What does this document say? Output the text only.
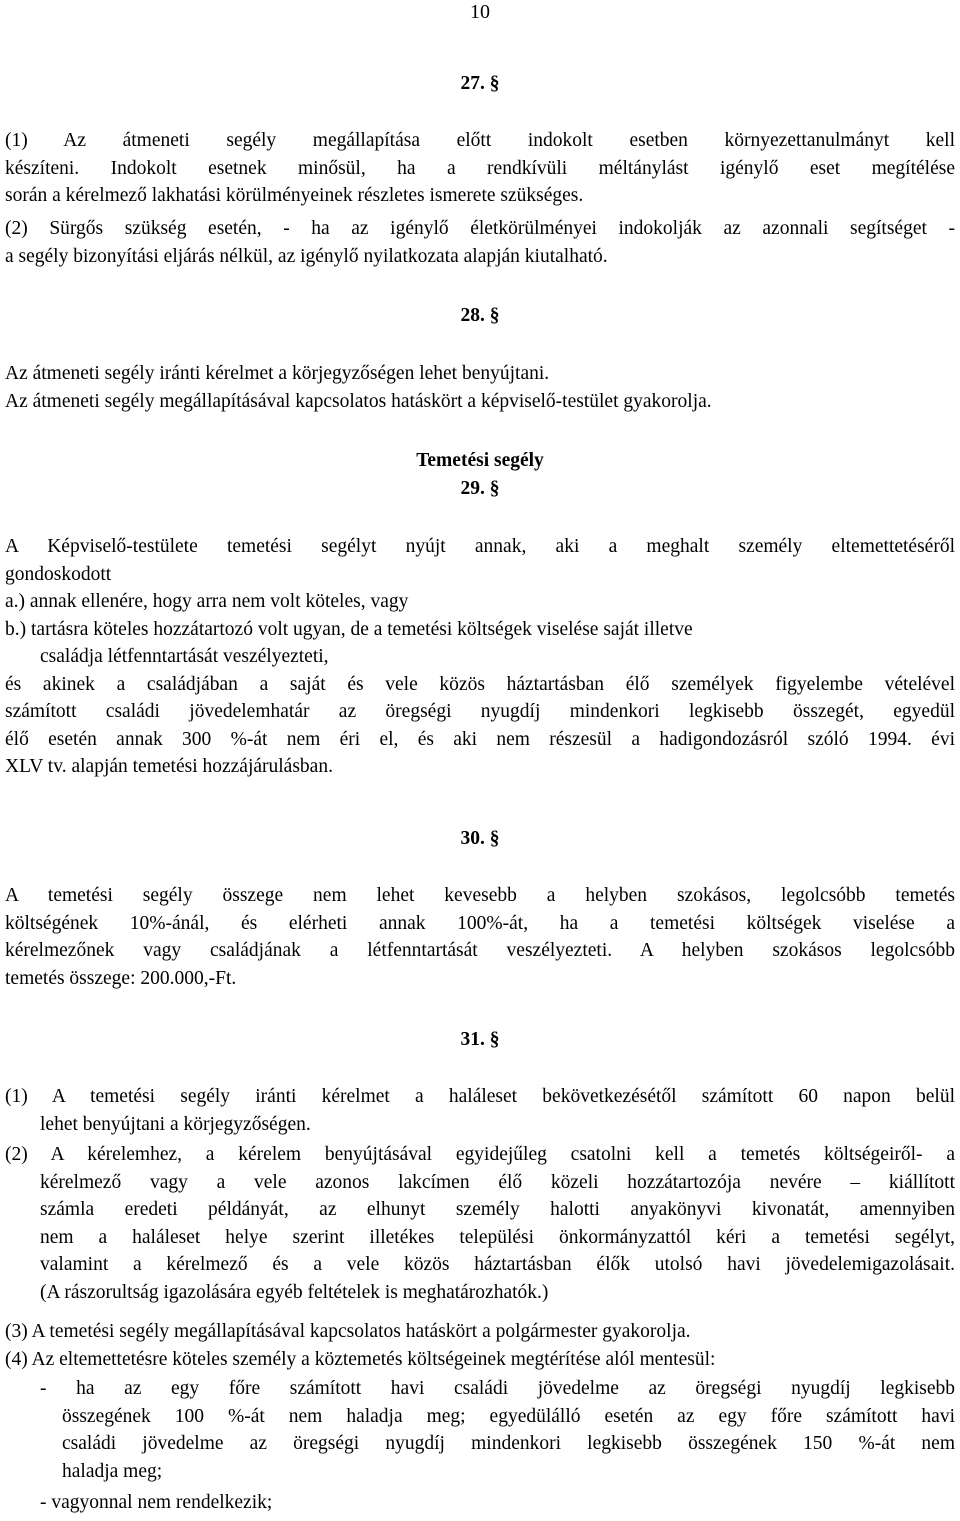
10
27. §
(1) Az átmeneti segély megállapítása előtt indokolt esetben környezettanulmányt kell
készíteni. Indokolt esetnek minősül, ha a rendkívüli méltánylást igénylő eset megítélése
során a kérelmező lakhatási körülményeinek részletes ismerete szükséges.
(2) Sürgős szükség esetén, - ha az igénylő életkörülményei indokolják az azonnali segítséget -
a segély bizonyítási eljárás nélkül, az igénylő nyilatkozata alapján kiutalható.
28. §
Az átmeneti segély iránti kérelmet a körjegyzőségen lehet benyújtani.
Az átmeneti segély megállapításával kapcsolatos hatáskört a képviselő-testület gyakorolja.
Temetési segély
29. §
A Képviselő-testülete temetési segélyt nyújt annak, aki a meghalt személy eltemettetéséről
gondoskodott
a.) annak ellenére, hogy arra nem volt köteles, vagy
b.) tartásra köteles hozzátartozó volt ugyan, de a temetési költségek viselése saját illetve
családja létfenntartását veszélyezteti,
és akinek a családjában a saját és vele közös háztartásban élő személyek figyelembe vételével
számított családi jövedelemhatár az öregségi nyugdíj mindenkori legkisebb összegét, egyedül
élő esetén annak 300 %-át nem éri el, és aki nem részesül a hadigondozásról szóló 1994. évi
XLV tv. alapján temetési hozzájárulásban.
30. §
A temetési segély összege nem lehet kevesebb a helyben szokásos, legolcsóbb temetés
költségének 10%-ánál, és elérheti annak 100%-át, ha a temetési költségek viselése a
kérelmezőnek vagy családjának a létfenntartását veszélyezteti. A helyben szokásos legolcsóbb
temetés összege: 200.000,-Ft.
31. §
(1) A temetési segély iránti kérelmet a haláleset bekövetkezésétől számított 60 napon belül
lehet benyújtani a körjegyzőségen.
(2) A kérelemhez, a kérelem benyújtásával egyidejűleg csatolni kell a temetés költségeiről- a
kérelmező vagy a vele azonos lakcímen élő közeli hozzátartozója nevére – kiállított
számla eredeti példányát, az elhunyt személy halotti anyakönyvi kivonatát, amennyiben
nem a haláleset helye szerint illetékes települési önkormányzattól kéri a temetési segélyt,
valamint a kérelmező és a vele közös háztartásban élők utolsó havi jövedelemigazolásait.
(A rászorultság igazolására egyéb feltételek is meghatározhatók.)
(3) A temetési segély megállapításával kapcsolatos hatáskört a polgármester gyakorolja.
(4) Az eltemettetésre köteles személy a köztemetés költségeinek megtérítése alól mentesül:
- ha az egy főre számított havi családi jövedelme az öregségi nyugdíj legkisebb
összegének 100 %-át nem haladja meg; egyedülálló esetén az egy főre számított havi
családi jövedelme az öregségi nyugdíj mindenkori legkisebb összegének 150 %-át nem
haladja meg;
- vagyonnal nem rendelkezik;
